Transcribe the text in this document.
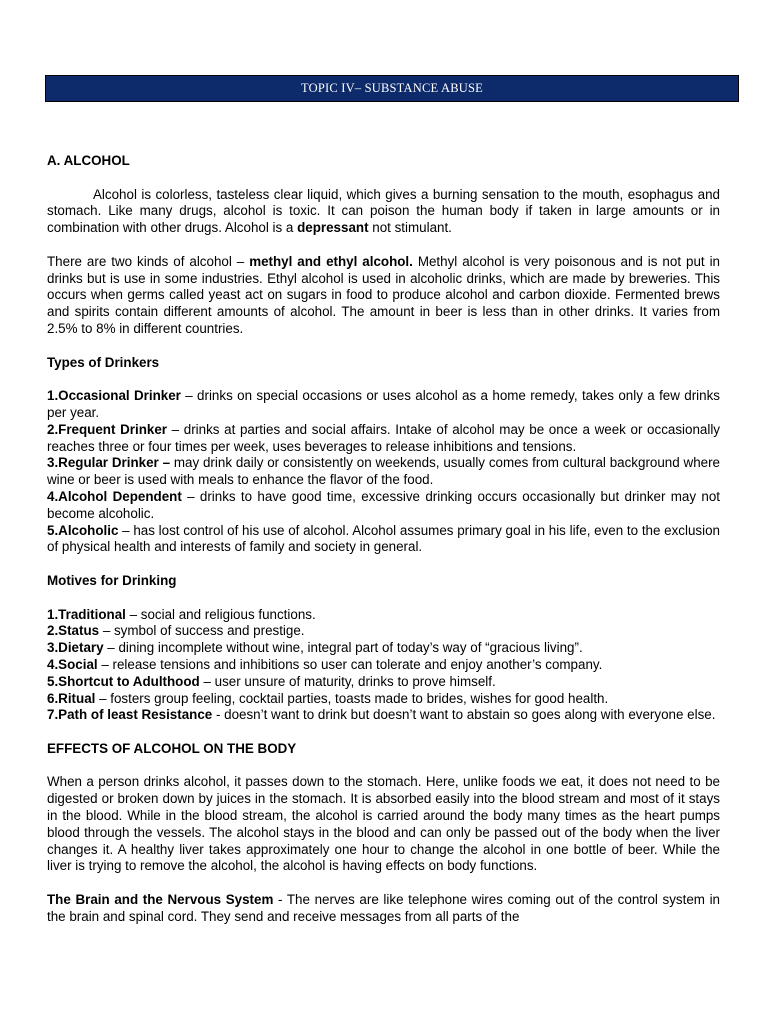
TOPIC IV– SUBSTANCE ABUSE
A. ALCOHOL
Alcohol is colorless, tasteless clear liquid, which gives a burning sensation to the mouth, esophagus and stomach. Like many drugs, alcohol is toxic. It can poison the human body if taken in large amounts or in combination with other drugs. Alcohol is a depressant not stimulant.
There are two kinds of alcohol – methyl and ethyl alcohol. Methyl alcohol is very poisonous and is not put in drinks but is use in some industries. Ethyl alcohol is used in alcoholic drinks, which are made by breweries. This occurs when germs called yeast act on sugars in food to produce alcohol and carbon dioxide. Fermented brews and spirits contain different amounts of alcohol. The amount in beer is less than in other drinks. It varies from 2.5% to 8% in different countries.
Types of Drinkers
1.Occasional Drinker – drinks on special occasions or uses alcohol as a home remedy, takes only a few drinks per year.
2.Frequent Drinker – drinks at parties and social affairs. Intake of alcohol may be once a week or occasionally reaches three or four times per week, uses beverages to release inhibitions and tensions.
3.Regular Drinker – may drink daily or consistently on weekends, usually comes from cultural background where wine or beer is used with meals to enhance the flavor of the food.
4.Alcohol Dependent – drinks to have good time, excessive drinking occurs occasionally but drinker may not become alcoholic.
5.Alcoholic – has lost control of his use of alcohol. Alcohol assumes primary goal in his life, even to the exclusion of physical health and interests of family and society in general.
Motives for Drinking
1.Traditional – social and religious functions.
2.Status – symbol of success and prestige.
3.Dietary – dining incomplete without wine, integral part of today’s way of “gracious living”.
4.Social – release tensions and inhibitions so user can tolerate and enjoy another’s company.
5.Shortcut to Adulthood – user unsure of maturity, drinks to prove himself.
6.Ritual – fosters group feeling, cocktail parties, toasts made to brides, wishes for good health.
7.Path of least Resistance - doesn’t want to drink but doesn’t want to abstain so goes along with everyone else.
EFFECTS OF ALCOHOL ON THE BODY
When a person drinks alcohol, it passes down to the stomach. Here, unlike foods we eat, it does not need to be digested or broken down by juices in the stomach. It is absorbed easily into the blood stream and most of it stays in the blood. While in the blood stream, the alcohol is carried around the body many times as the heart pumps blood through the vessels. The alcohol stays in the blood and can only be passed out of the body when the liver changes it. A healthy liver takes approximately one hour to change the alcohol in one bottle of beer. While the liver is trying to remove the alcohol, the alcohol is having effects on body functions.
The Brain and the Nervous System - The nerves are like telephone wires coming out of the control system in the brain and spinal cord. They send and receive messages from all parts of the
